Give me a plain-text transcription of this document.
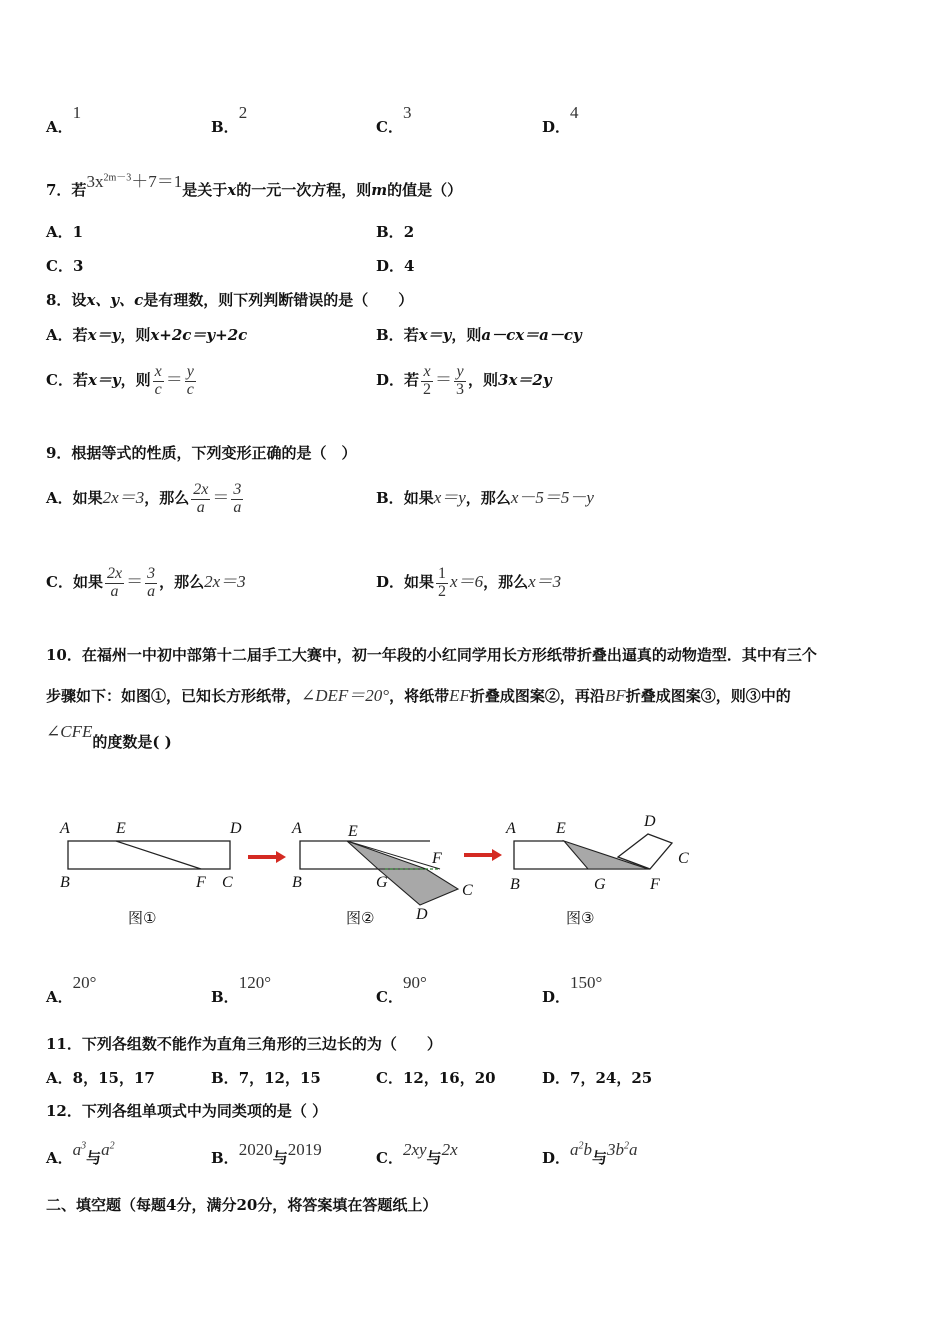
A．1
B．2
C．3
D．4
7．若$3x^{2m-3}+7=1$是关于x的一元一次方程，则m的值是（）
A．1	B．2
C．3	D．4
8．设x、y、c是有理数，则下列判断错误的是（　　）
A．若x＝y，则x+2c＝y+2c	B．若x＝y，则a－cx＝a－cy
C．若x＝y，则 $\frac{x}{c} = \frac{y}{c}$	D．若 $\frac{x}{2} = \frac{y}{3}$ ，则3x＝2y
9．根据等式的性质，下列变形正确的是（　）
A．如果2x＝3，那么 $\frac{2x}{a} = \frac{3}{a}$	B．如果x＝y，那么x－5＝5－y
C．如果 $\frac{2x}{a} = \frac{3}{a}$ ，那么2x＝3	D．如果 $\frac{1}{2} x=6$，那么x＝3
10．在福州一中初中部第十二届手工大赛中，初一年段的小红同学用长方形纸带折叠出逼真的动物造型．其中有三个
步骤如下：如图①，已知长方形纸带，∠DEF＝20°，将纸带EF折叠成图案②，再沿BF折叠成图案③，则③中的
∠CFE的度数是( )
A	E	D
B	F C
图①
A	E
F
B	G	C
D
图②
A	E	D
C
B	G	F
图③
A．20°
B．120°
C．90°
D．150°
11．下列各组数不能作为直角三角形的三边长的为（　　）
A．8，15，17	B．7，12，15	C．12，16，20	D．7，24，25
12．下列各组单项式中为同类项的是（ ）
A．$a^3$与$a^2$
B．2020与2019	C．2xy与2x	D．$a^2b$与$3b^2a$
二、填空题（每题4分，满分20分，将答案填在答题纸上）
